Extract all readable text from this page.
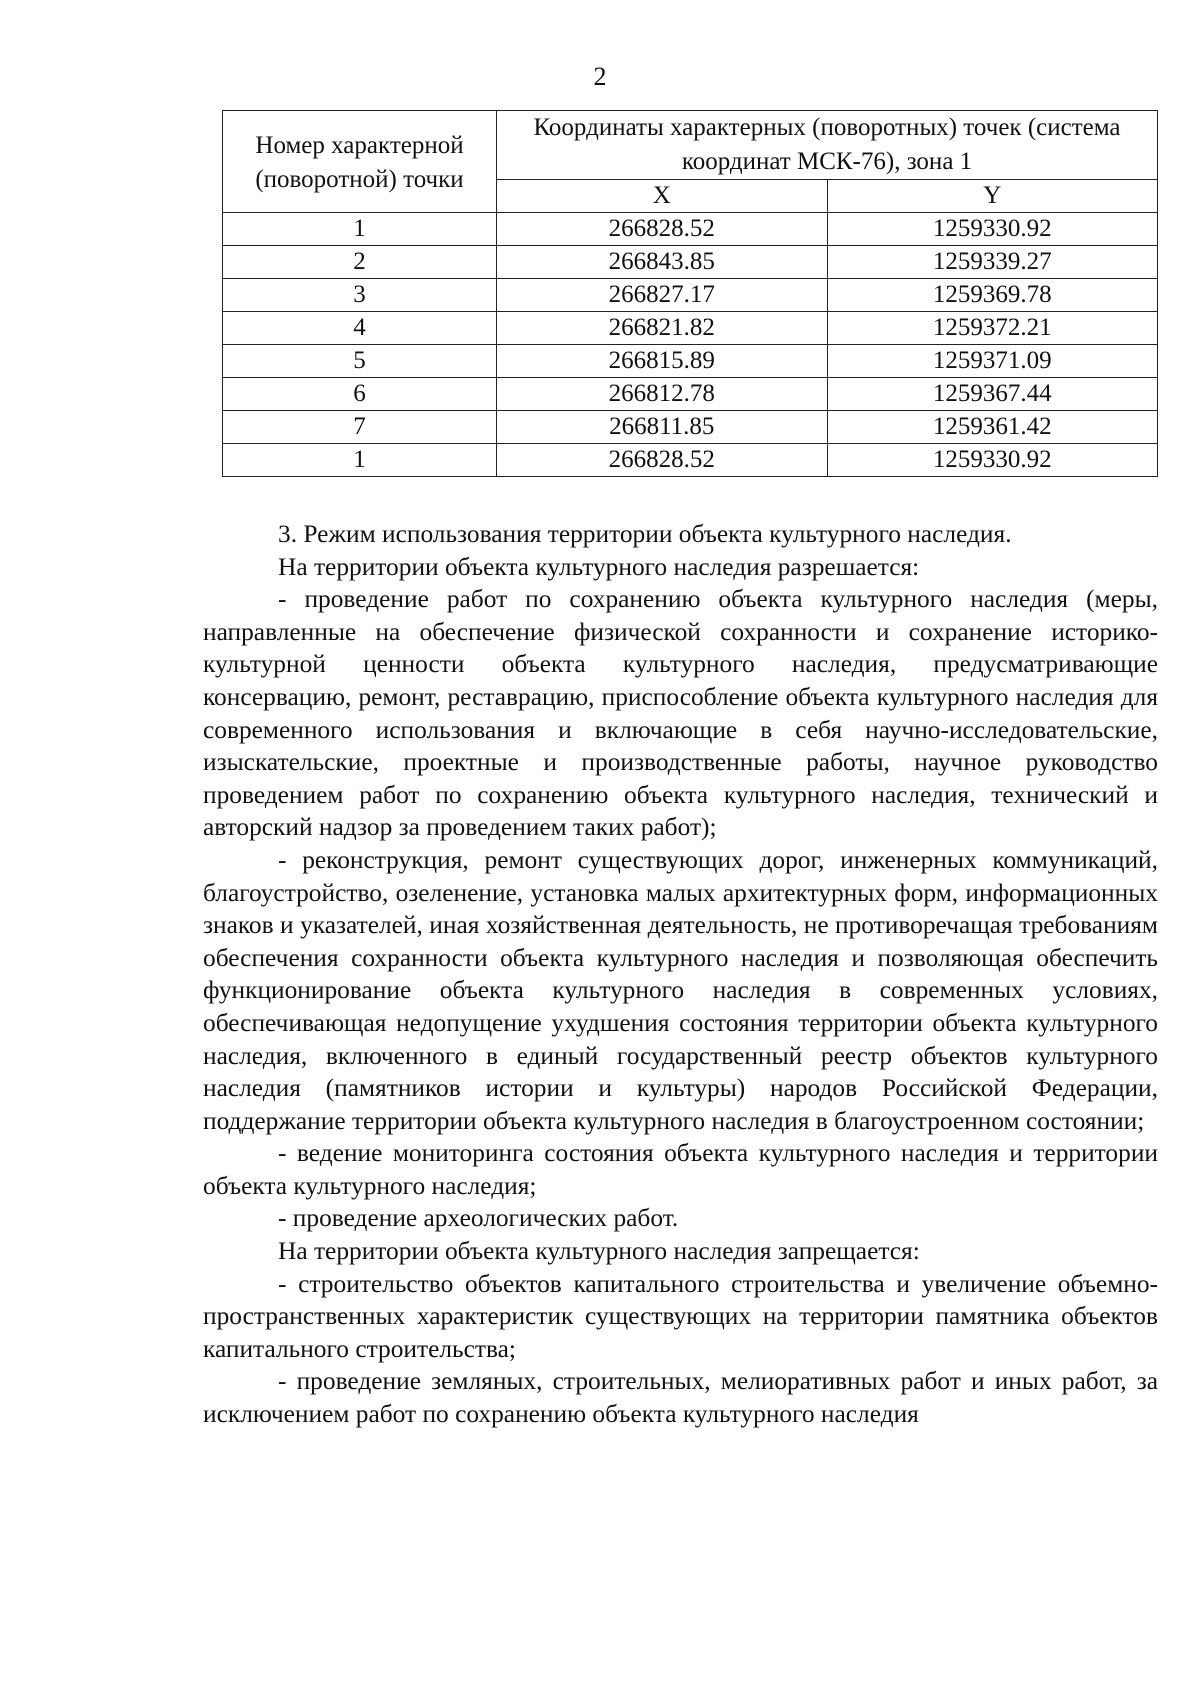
2
Номер характерной (поворотной) точки	Координаты характерных (поворотных) точек (система координат МСК-76), зона 1	
	X	Y
1	266828.52	1259330.92
2	266843.85	1259339.27
3	266827.17	1259369.78
4	266821.82	1259372.21
5	266815.89	1259371.09
6	266812.78	1259367.44
7	266811.85	1259361.42
1	266828.52	1259330.92

3. Режим использования территории объекта культурного наследия.

На территории объекта культурного наследия разрешается:

- проведение работ по сохранению объекта культурного наследия (меры, направленные на обеспечение физической сохранности и сохранение историко-культурной ценности объекта культурного наследия, предусматривающие консервацию, ремонт, реставрацию, приспособление объекта культурного наследия для современного использования и включающие в себя научно-исследовательские, изыскательские, проектные и производственные работы, научное руководство проведением работ по сохранению объекта культурного наследия, технический и авторский надзор за проведением таких работ);

- реконструкция, ремонт существующих дорог, инженерных коммуникаций, благоустройство, озеленение, установка малых архитектурных форм, информационных знаков и указателей, иная хозяйственная деятельность, не противоречащая требованиям обеспечения сохранности объекта культурного наследия и позволяющая обеспечить функционирование объекта культурного наследия в современных условиях, обеспечивающая недопущение ухудшения состояния территории объекта культурного наследия, включенного в единый государственный реестр объектов культурного наследия (памятников истории и культуры) народов Российской Федерации, поддержание территории объекта культурного наследия в благоустроенном состоянии;

- ведение мониторинга состояния объекта культурного наследия и территории объекта культурного наследия;

- проведение археологических работ.

На территории объекта культурного наследия запрещается:

- строительство объектов капитального строительства и увеличение объемно-пространственных характеристик существующих на территории памятника объектов капитального строительства;

- проведение земляных, строительных, мелиоративных работ и иных работ, за исключением работ по сохранению объекта культурного наследия
